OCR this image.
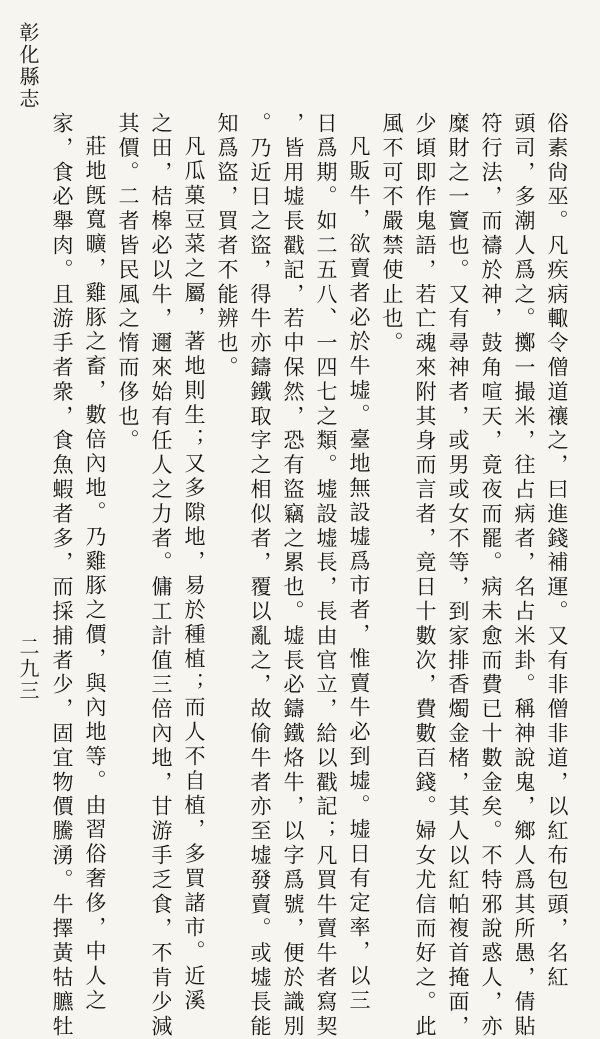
彰化縣志
二九三	俗素尙巫。凡疾病輙令僧道禳之，曰進錢補運。又有非僧非道，以紅布包頭，名紅
頭司，多潮人爲之。擲一撮米，往占病者，名占米卦。稱神說鬼，鄉人爲其所愚，倩貼
符行法，而禱於神，鼓角喧天，竟夜而罷。病未愈而費已十數金矣。不特邪說惑人，亦
糜財之一竇也。又有尋神者，或男或女不等，到家排香燭金楮，其人以紅帕複首掩面，
少頃即作鬼語，若亡魂來附其身而言者，竟日十數次，費數百錢。婦女尤信而好之。此
風不可不嚴禁使止也。
凡販牛，欲賣者必於牛墟。臺地無設墟爲市者，惟賣牛必到墟。墟日有定率，以三
日爲期。如二五八、一四七之類。墟設墟長，長由官立，給以戳記；凡買牛賣牛者寫契
，皆用墟長戳記，若中保然，恐有盜竊之累也。墟長必鑄鐵烙牛，以字爲號，便於識別
。乃近日之盜，得牛亦鑄鐵取字之相似者，覆以亂之，故偷牛者亦至墟發賣。或墟長能
知爲盜，買者不能辨也。
凡瓜菓豆菜之屬，著地則生；又多隙地，易於種植；而人不自植，多買諸市。近溪
之田，桔槔必以牛，邇來始有任人之力者。傭工計值三倍內地，甘游手乏食，不肯少減
其價。二者皆民風之惰而侈也。
莊地旣寬曠，雞豚之畜，數倍內地。乃雞豚之價，與內地等。由習俗奢侈，中人之
家，食必舉肉。且游手者衆，食魚蝦者多，而採捕者少，固宜物價騰湧。牛擇黃牯臕牡
